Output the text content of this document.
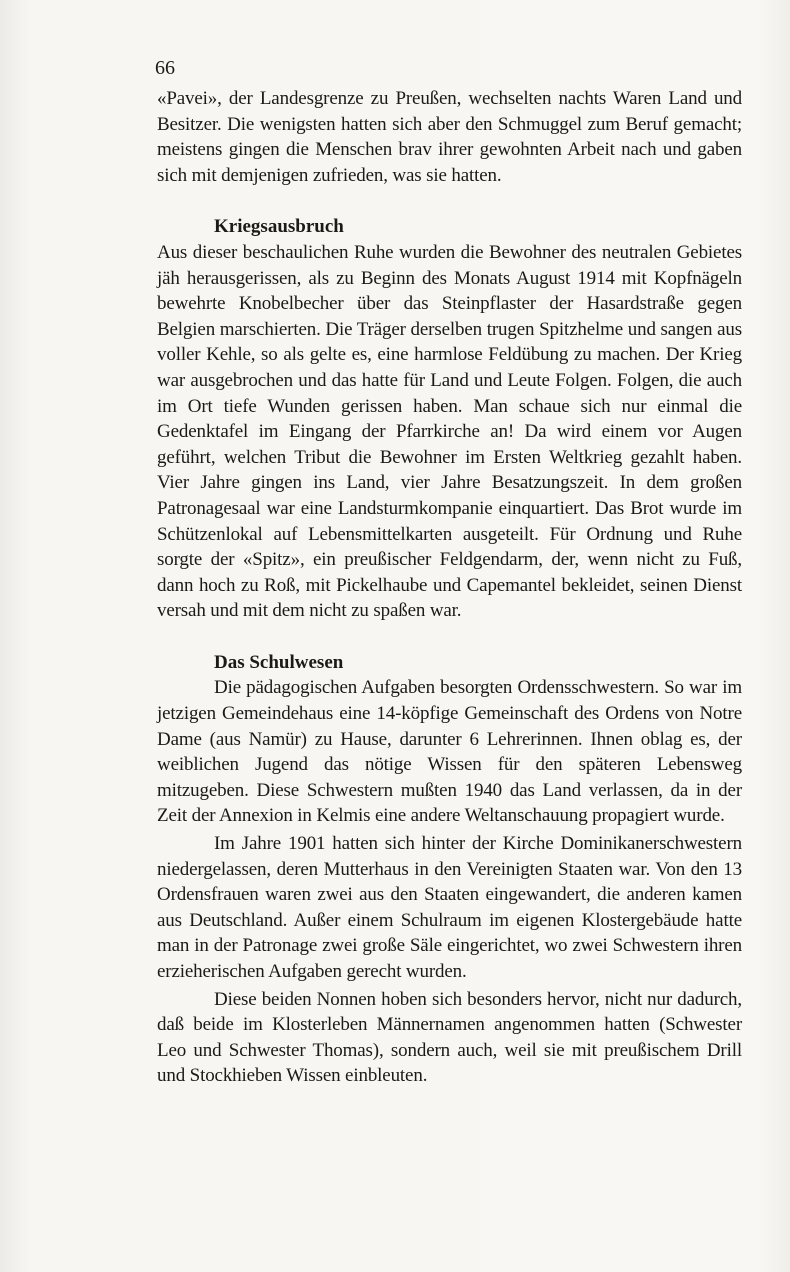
66

«Pavei», der Landesgrenze zu Preußen, wechselten nachts Waren Land und Besitzer. Die wenigsten hatten sich aber den Schmuggel zum Beruf gemacht; meistens gingen die Menschen brav ihrer gewohnten Arbeit nach und gaben sich mit demjenigen zufrieden, was sie hatten.

Kriegsausbruch

Aus dieser beschaulichen Ruhe wurden die Bewohner des neutralen Gebietes jäh herausgerissen, als zu Beginn des Monats August 1914 mit Kopfnägeln bewehrte Knobelbecher über das Steinpflaster der Hasardstraße gegen Belgien marschierten. Die Träger derselben trugen Spitzhelme und sangen aus voller Kehle, so als gelte es, eine harmlose Feldübung zu machen. Der Krieg war ausgebrochen und das hatte für Land und Leute Folgen. Folgen, die auch im Ort tiefe Wunden gerissen haben. Man schaue sich nur einmal die Gedenktafel im Eingang der Pfarrkirche an! Da wird einem vor Augen geführt, welchen Tribut die Bewohner im Ersten Weltkrieg gezahlt haben. Vier Jahre gingen ins Land, vier Jahre Besatzungszeit. In dem großen Patronagesaal war eine Landsturmkompanie einquartiert. Das Brot wurde im Schützenlokal auf Lebensmittelkarten ausgeteilt. Für Ordnung und Ruhe sorgte der «Spitz», ein preußischer Feldgendarm, der, wenn nicht zu Fuß, dann hoch zu Roß, mit Pickelhaube und Capemantel bekleidet, seinen Dienst versah und mit dem nicht zu spaßen war.

Das Schulwesen

Die pädagogischen Aufgaben besorgten Ordensschwestern. So war im jetzigen Gemeindehaus eine 14-köpfige Gemeinschaft des Ordens von Notre Dame (aus Namür) zu Hause, darunter 6 Lehrerinnen. Ihnen oblag es, der weiblichen Jugend das nötige Wissen für den späteren Lebensweg mitzugeben. Diese Schwestern mußten 1940 das Land verlassen, da in der Zeit der Annexion in Kelmis eine andere Weltanschauung propagiert wurde.

Im Jahre 1901 hatten sich hinter der Kirche Dominikanerschwestern niedergelassen, deren Mutterhaus in den Vereinigten Staaten war. Von den 13 Ordensfrauen waren zwei aus den Staaten eingewandert, die anderen kamen aus Deutschland. Außer einem Schulraum im eigenen Klostergebäude hatte man in der Patronage zwei große Säle eingerichtet, wo zwei Schwestern ihren erzieherischen Aufgaben gerecht wurden.

Diese beiden Nonnen hoben sich besonders hervor, nicht nur dadurch, daß beide im Klosterleben Männernamen angenommen hatten (Schwester Leo und Schwester Thomas), sondern auch, weil sie mit preußischem Drill und Stockhieben Wissen einbleuten.
